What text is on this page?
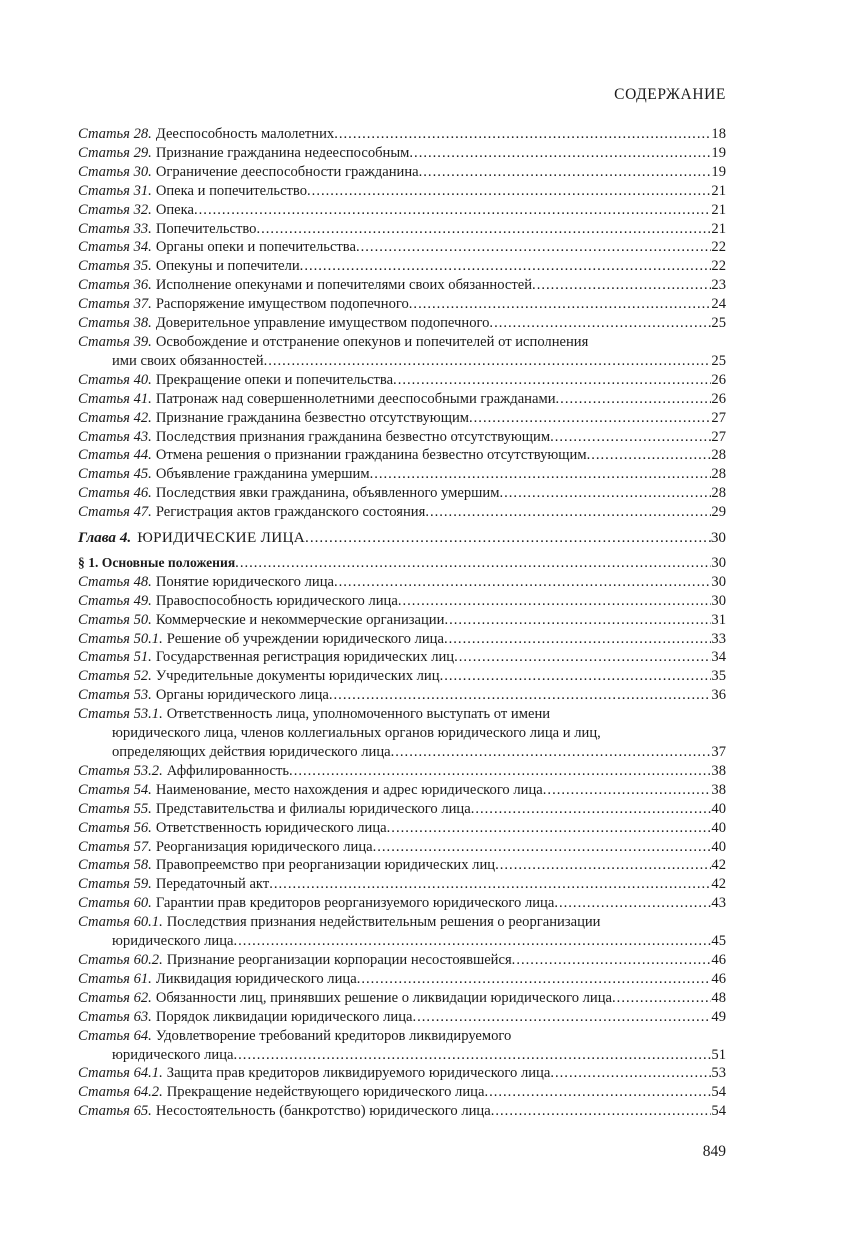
СОДЕРЖАНИЕ
Статья 28. Дееспособность малолетних .....	18
Статья 29. Признание гражданина недееспособным .....	19
Статья 30. Ограничение дееспособности гражданина .....	19
Статья 31. Опека и попечительство .....	21
Статья 32. Опека .....	21
Статья 33. Попечительство .....	21
Статья 34. Органы опеки и попечительства .....	22
Статья 35. Опекуны и попечители .....	22
Статья 36. Исполнение опекунами и попечителями своих обязанностей .....	23
Статья 37. Распоряжение имуществом подопечного .....	24
Статья 38. Доверительное управление имуществом подопечного .....	25
Статья 39. Освобождение и отстранение опекунов и попечителей от исполнения
ими своих обязанностей .....	25
Статья 40. Прекращение опеки и попечительства .....	26
Статья 41. Патронаж над совершеннолетними дееспособными гражданами .....	26
Статья 42. Признание гражданина безвестно отсутствующим .....	27
Статья 43. Последствия признания гражданина безвестно отсутствующим .....	27
Статья 44. Отмена решения о признании гражданина безвестно отсутствующим .....	28
Статья 45. Объявление гражданина умершим .....	28
Статья 46. Последствия явки гражданина, объявленного умершим .....	28
Статья 47. Регистрация актов гражданского состояния .....	29
Глава 4. ЮРИДИЧЕСКИЕ ЛИЦА .....	30
§ 1. Основные положения .....	30
Статья 48. Понятие юридического лица .....	30
Статья 49. Правоспособность юридического лица .....	30
Статья 50. Коммерческие и некоммерческие организации .....	31
Статья 50.1. Решение об учреждении юридического лица .....	33
Статья 51. Государственная регистрация юридических лиц .....	34
Статья 52. Учредительные документы юридических лиц .....	35
Статья 53. Органы юридического лица .....	36
Статья 53.1. Ответственность лица, уполномоченного выступать от имени
юридического лица, членов коллегиальных органов юридического лица и лиц,
определяющих действия юридического лица .....	37
Статья 53.2. Аффилированность .....	38
Статья 54. Наименование, место нахождения и адрес юридического лица .....	38
Статья 55. Представительства и филиалы юридического лица .....	40
Статья 56. Ответственность юридического лица .....	40
Статья 57. Реорганизация юридического лица .....	40
Статья 58. Правопреемство при реорганизации юридических лиц .....	42
Статья 59. Передаточный акт .....	42
Статья 60. Гарантии прав кредиторов реорганизуемого юридического лица .....	43
Статья 60.1. Последствия признания недействительным решения о реорганизации
юридического лица .....	45
Статья 60.2. Признание реорганизации корпорации несостоявшейся .....	46
Статья 61. Ликвидация юридического лица .....	46
Статья 62. Обязанности лиц, принявших решение о ликвидации юридического лица .....	48
Статья 63. Порядок ликвидации юридического лица .....	49
Статья 64. Удовлетворение требований кредиторов ликвидируемого
юридического лица .....	51
Статья 64.1. Защита прав кредиторов ликвидируемого юридического лица .....	53
Статья 64.2. Прекращение недействующего юридического лица .....	54
Статья 65. Несостоятельность (банкротство) юридического лица .....	54
849
